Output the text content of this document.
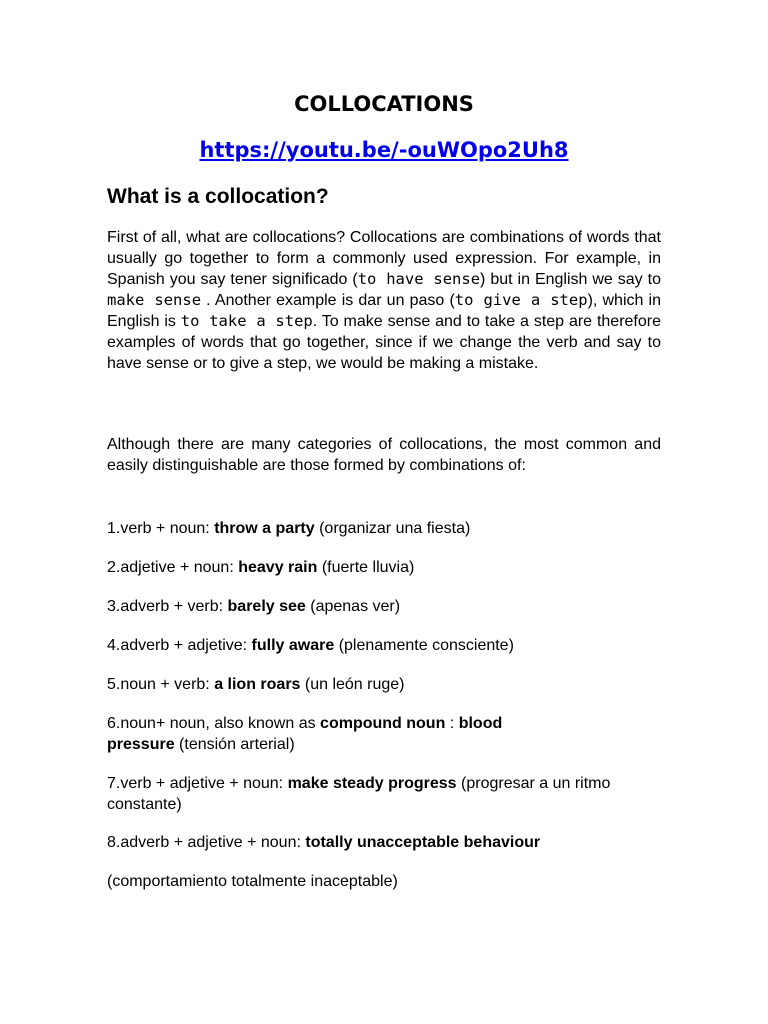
COLLOCATIONS
https://youtu.be/-ouWOpo2Uh8
What is a collocation?
First of all, what are collocations? Collocations are combinations of words that usually go together to form a commonly used expression. For example, in Spanish you say tener significado (to have sense) but in English we say to make sense . Another example is dar un paso (to give a step), which in English is to take a step. To make sense and to take a step are therefore examples of words that go together, since if we change the verb and say to have sense or to give a step, we would be making a mistake.
Although there are many categories of collocations, the most common and easily distinguishable are those formed by combinations of:
1.verb + noun: throw a party (organizar una fiesta)
2.adjetive + noun: heavy rain (fuerte lluvia)
3.adverb + verb: barely see (apenas ver)
4.adverb + adjetive: fully aware (plenamente consciente)
5.noun + verb: a lion roars (un león ruge)
6.noun+ noun, also known as compound noun : blood
pressure (tensión arterial)
7.verb + adjetive + noun: make steady progress (progresar a un ritmo constante)
8.adverb + adjetive + noun: totally unacceptable behaviour
(comportamiento totalmente inaceptable)
